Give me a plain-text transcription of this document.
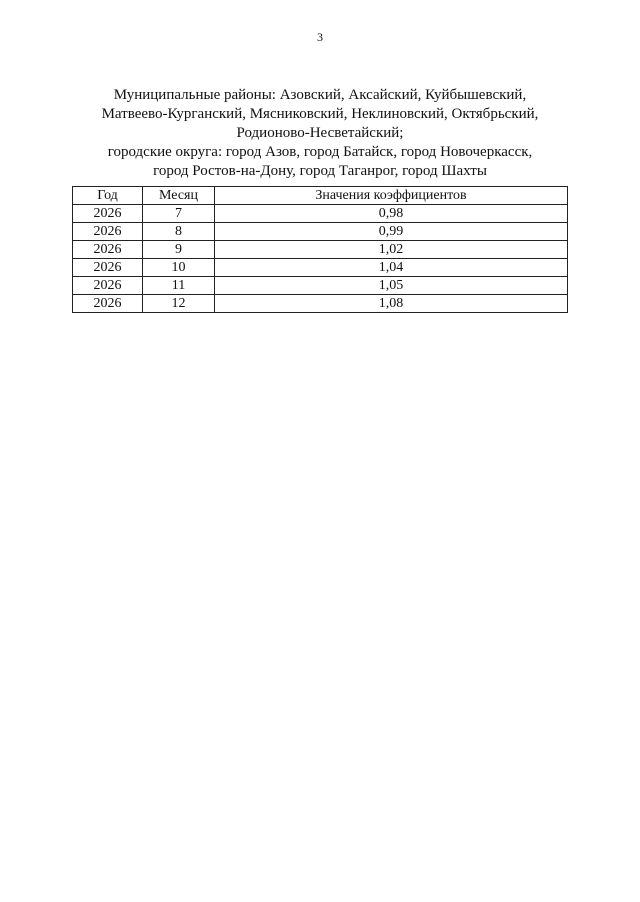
3
Муниципальные районы: Азовский, Аксайский, Куйбышевский,
Матвеево-Курганский, Мясниковский, Неклиновский, Октябрьский,
Родионово-Несветайский;
городские округа: город Азов, город Батайск, город Новочеркасск,
город Ростов-на-Дону, город Таганрог, город Шахты
Год	Месяц	Значения коэффициентов
2026	7	0,98
2026	8	0,99
2026	9	1,02
2026	10	1,04
2026	11	1,05
2026	12	1,08
